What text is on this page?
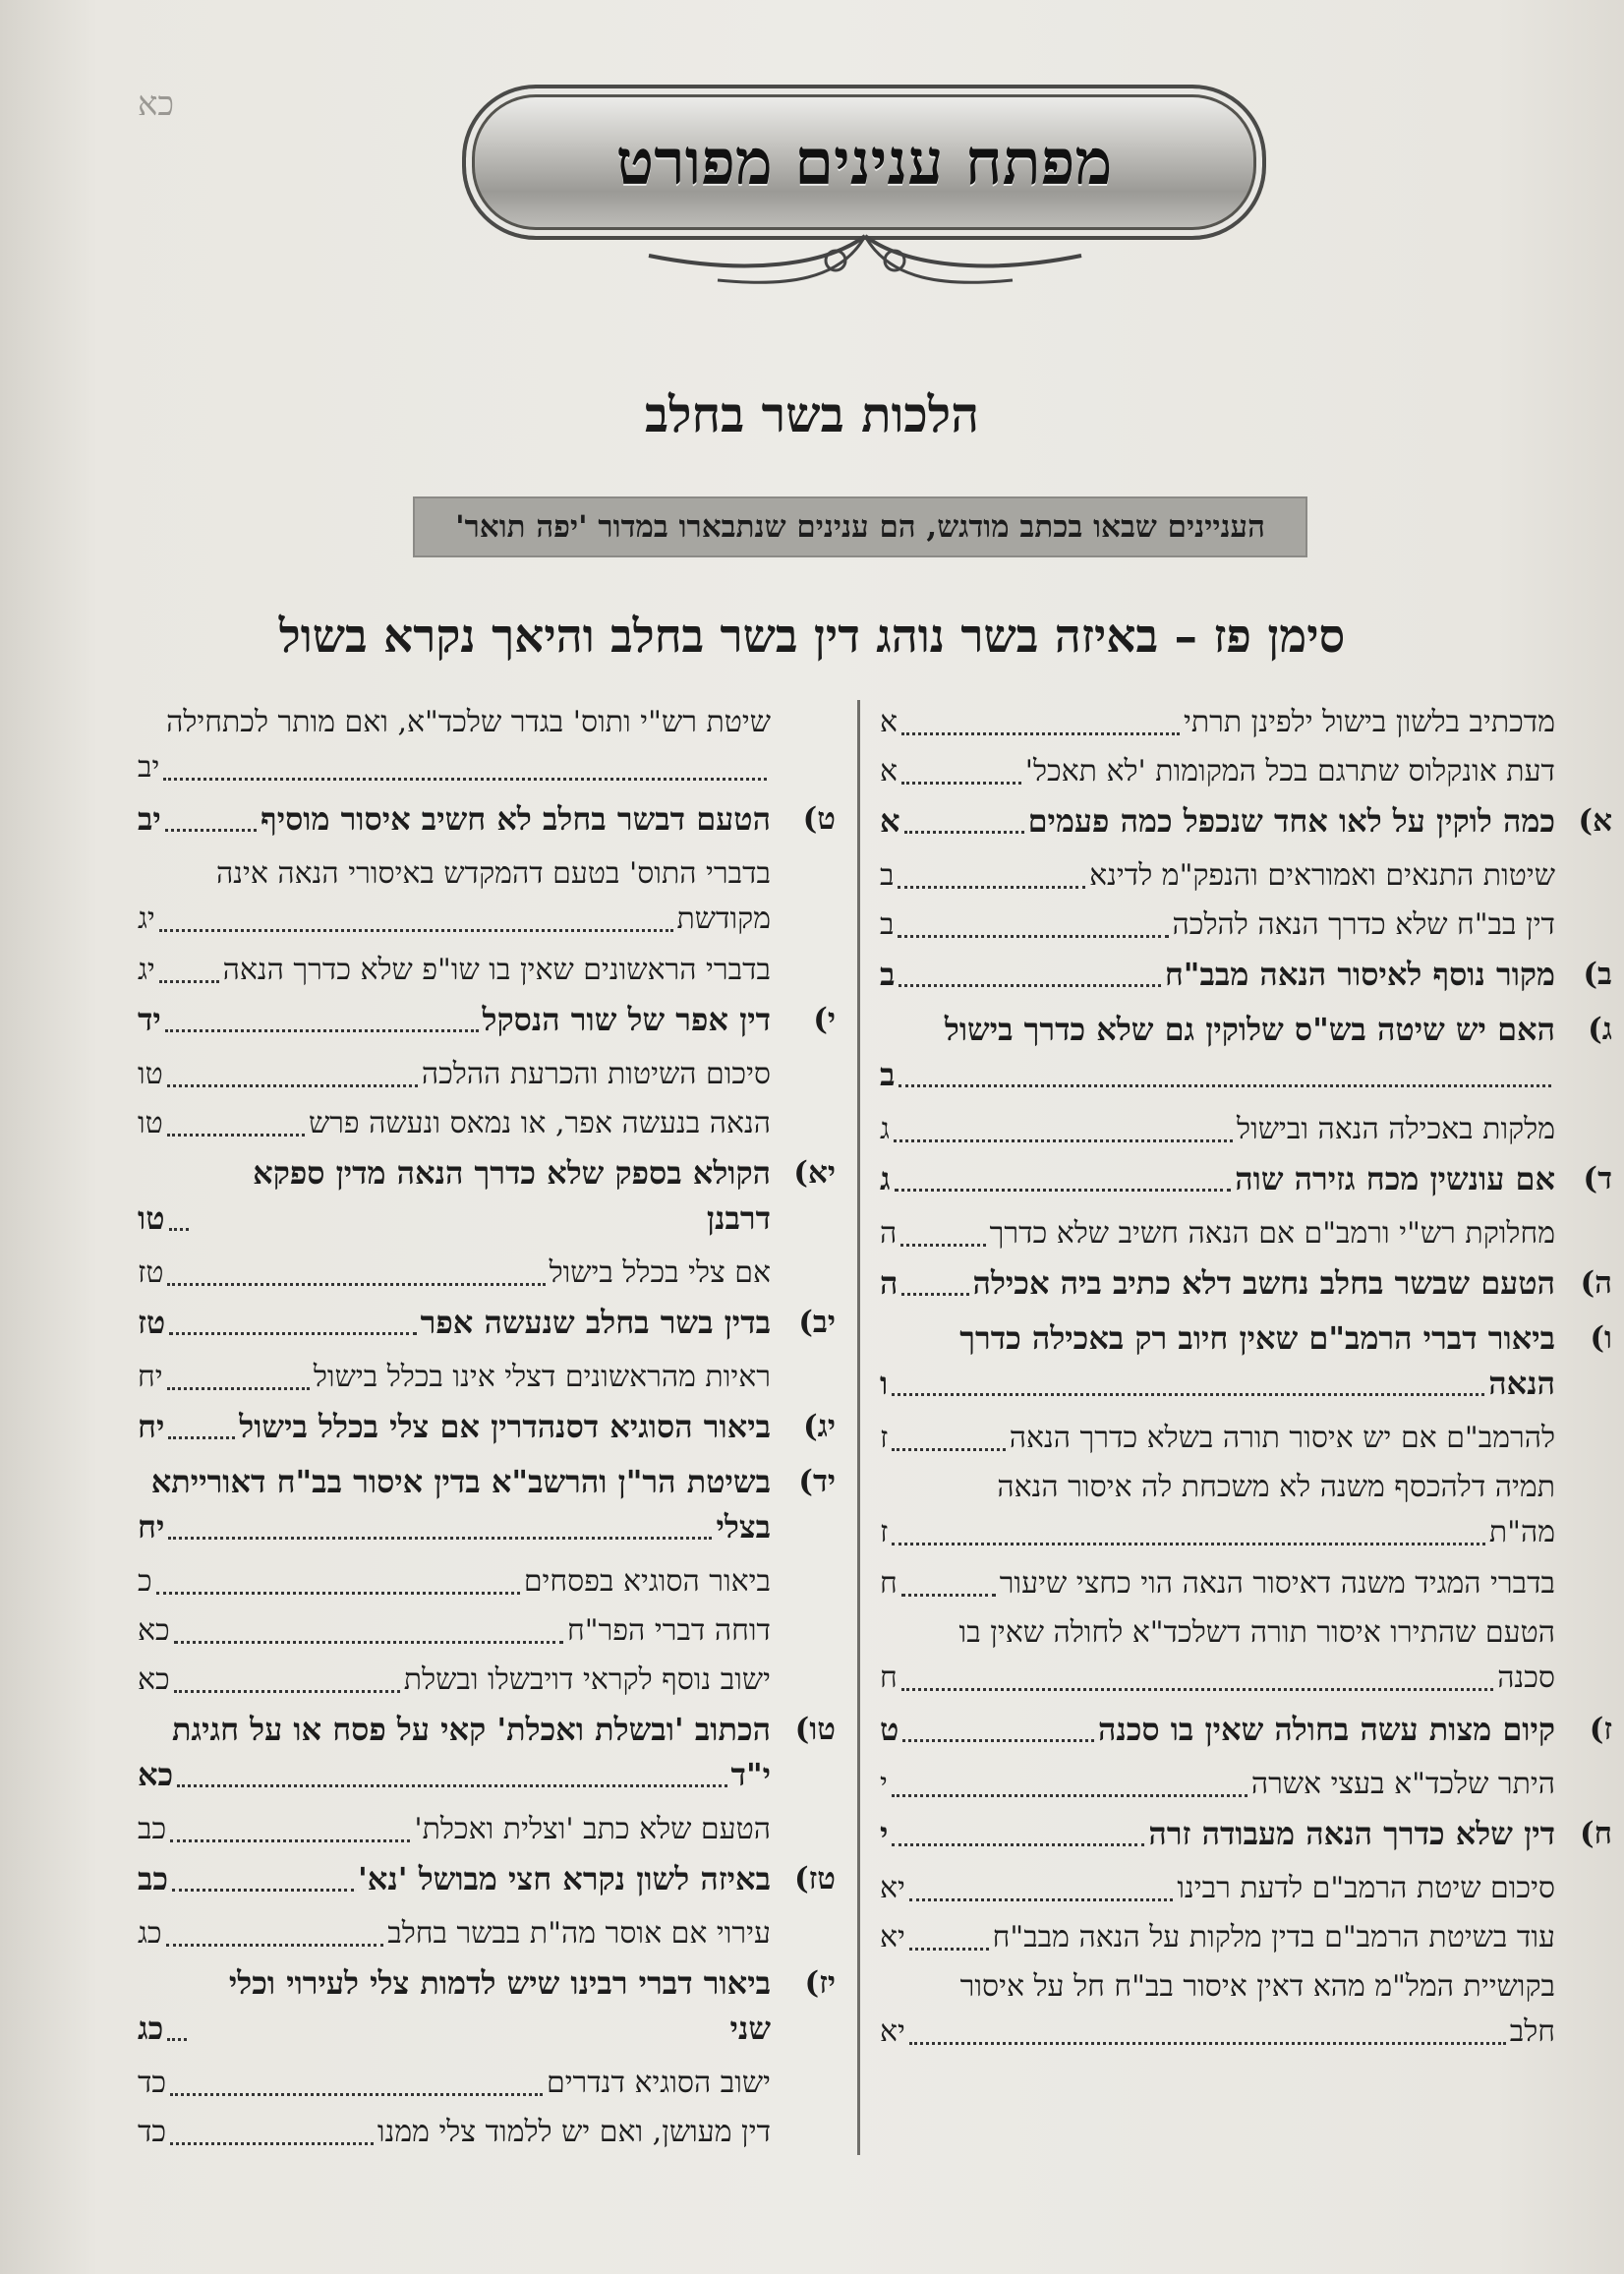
כא
מפתח ענינים מפורט
הלכות בשר בחלב
העניינים שבאו בכתב מודגש, הם ענינים שנתבארו במדור 'יפה תואר'
סימן פז – באיזה בשר נוהג דין בשר בחלב והיאך נקרא בשול
מדכתיב בלשון בישול ילפינן תרתי
א
דעת אונקלוס שתרגם בכל המקומות 'לא תאכל'
א
א)
כמה לוקין על לאו אחד שנכפל כמה פעמים
א
שיטות התנאים ואמוראים והנפק"מ לדינא
ב
דין בב"ח שלא כדרך הנאה להלכה
ב
ב)
מקור נוסף לאיסור הנאה מבב"ח
ב
ג)
האם יש שיטה בש"ס שלוקין גם שלא כדרך בישול
ב
מלקות באכילה הנאה ובישול
ג
ד)
אם עונשין מכח גזירה שוה
ג
מחלוקת רש"י ורמב"ם אם הנאה חשיב שלא כדרך
ה
ה)
הטעם שבשר בחלב נחשב דלא כתיב ביה אכילה
ה
ו)
ביאור דברי הרמב"ם שאין חיוב רק באכילה כדרך
הנאה
ו
להרמב"ם אם יש איסור תורה בשלא כדרך הנאה
ז
תמיה דלהכסף משנה לא משכחת לה איסור הנאה
מה"ת
ז
בדברי המגיד משנה דאיסור הנאה הוי כחצי שיעור
ח
הטעם שהתירו איסור תורה דשלכד"א לחולה שאין בו
סכנה
ח
ז)
קיום מצות עשה בחולה שאין בו סכנה
ט
היתר שלכד"א בעצי אשרה
י
ח)
דין שלא כדרך הנאה מעבודה זרה
י
סיכום שיטת הרמב"ם לדעת רבינו
יא
עוד בשיטת הרמב"ם בדין מלקות על הנאה מבב"ח
יא
בקושיית המל"מ מהא דאין איסור בב"ח חל על איסור
חלב
יא
שיטת רש"י ותוס' בגדר שלכד"א, ואם מותר לכתחילה
יב
ט)
הטעם דבשר בחלב לא חשיב איסור מוסיף
יב
בדברי התוס' בטעם דהמקדש באיסורי הנאה אינה
מקודשת
יג
בדברי הראשונים שאין בו שו"פ שלא כדרך הנאה
יג
י)
דין אפר של שור הנסקל
יד
סיכום השיטות והכרעת ההלכה
טו
הנאה בנעשה אפר, או נמאס ונעשה פרש
טו
יא)
הקולא בספק שלא כדרך הנאה מדין ספקא דרבנן
טו
אם צלי בכלל בישול
טז
יב)
בדין בשר בחלב שנעשה אפר
טז
ראיות מהראשונים דצלי אינו בכלל בישול
יח
יג)
ביאור הסוגיא דסנהדרין אם צלי בכלל בישול
יח
יד)
בשיטת הר"ן והרשב"א בדין איסור בב"ח דאורייתא
בצלי
יח
ביאור הסוגיא בפסחים
כ
דוחה דברי הפר"ח
כא
ישוב נוסף לקראי דויבשלו ובשלת
כא
טו)
הכתוב 'ובשלת ואכלת' קאי על פסח או על חגיגת
י"ד
כא
הטעם שלא כתב 'וצלית ואכלת'
כב
טז)
באיזה לשון נקרא חצי מבושל 'נא'
כב
עירוי אם אוסר מה"ת בבשר בחלב
כג
יז)
ביאור דברי רבינו שיש לדמות צלי לעירוי וכלי שני
כג
ישוב הסוגיא דנדרים
כד
דין מעושן, ואם יש ללמוד צלי ממנו
כד
